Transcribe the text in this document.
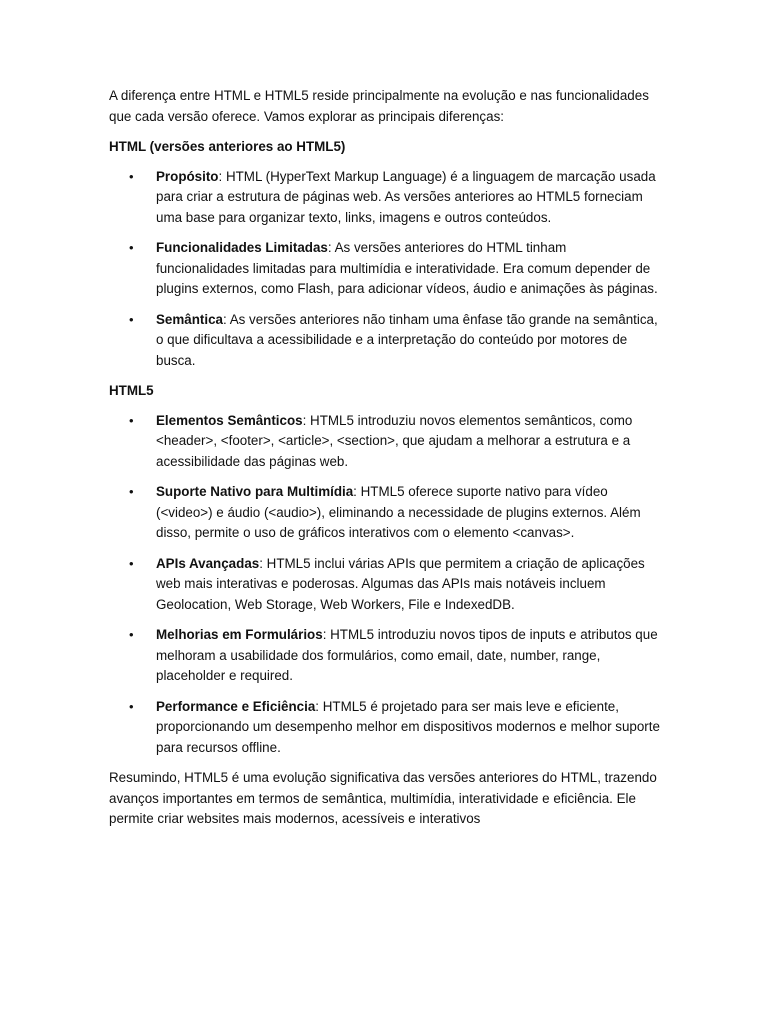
A diferença entre HTML e HTML5 reside principalmente na evolução e nas funcionalidades que cada versão oferece. Vamos explorar as principais diferenças:

HTML (versões anteriores ao HTML5)
• Propósito: HTML (HyperText Markup Language) é a linguagem de marcação usada para criar a estrutura de páginas web. As versões anteriores ao HTML5 forneciam uma base para organizar texto, links, imagens e outros conteúdos.
• Funcionalidades Limitadas: As versões anteriores do HTML tinham funcionalidades limitadas para multimídia e interatividade. Era comum depender de plugins externos, como Flash, para adicionar vídeos, áudio e animações às páginas.
• Semântica: As versões anteriores não tinham uma ênfase tão grande na semântica, o que dificultava a acessibilidade e a interpretação do conteúdo por motores de busca.
HTML5
• Elementos Semânticos: HTML5 introduziu novos elementos semânticos, como <header>, <footer>, <article>, <section>, que ajudam a melhorar a estrutura e a acessibilidade das páginas web.
• Suporte Nativo para Multimídia: HTML5 oferece suporte nativo para vídeo (<video>) e áudio (<audio>), eliminando a necessidade de plugins externos. Além disso, permite o uso de gráficos interativos com o elemento <canvas>.
• APIs Avançadas: HTML5 inclui várias APIs que permitem a criação de aplicações web mais interativas e poderosas. Algumas das APIs mais notáveis incluem Geolocation, Web Storage, Web Workers, File e IndexedDB.
• Melhorias em Formulários: HTML5 introduziu novos tipos de inputs e atributos que melhoram a usabilidade dos formulários, como email, date, number, range, placeholder e required.
• Performance e Eficiência: HTML5 é projetado para ser mais leve e eficiente, proporcionando um desempenho melhor em dispositivos modernos e melhor suporte para recursos offline.

Resumindo, HTML5 é uma evolução significativa das versões anteriores do HTML, trazendo avanços importantes em termos de semântica, multimídia, interatividade e eficiência. Ele permite criar websites mais modernos, acessíveis e interativos
